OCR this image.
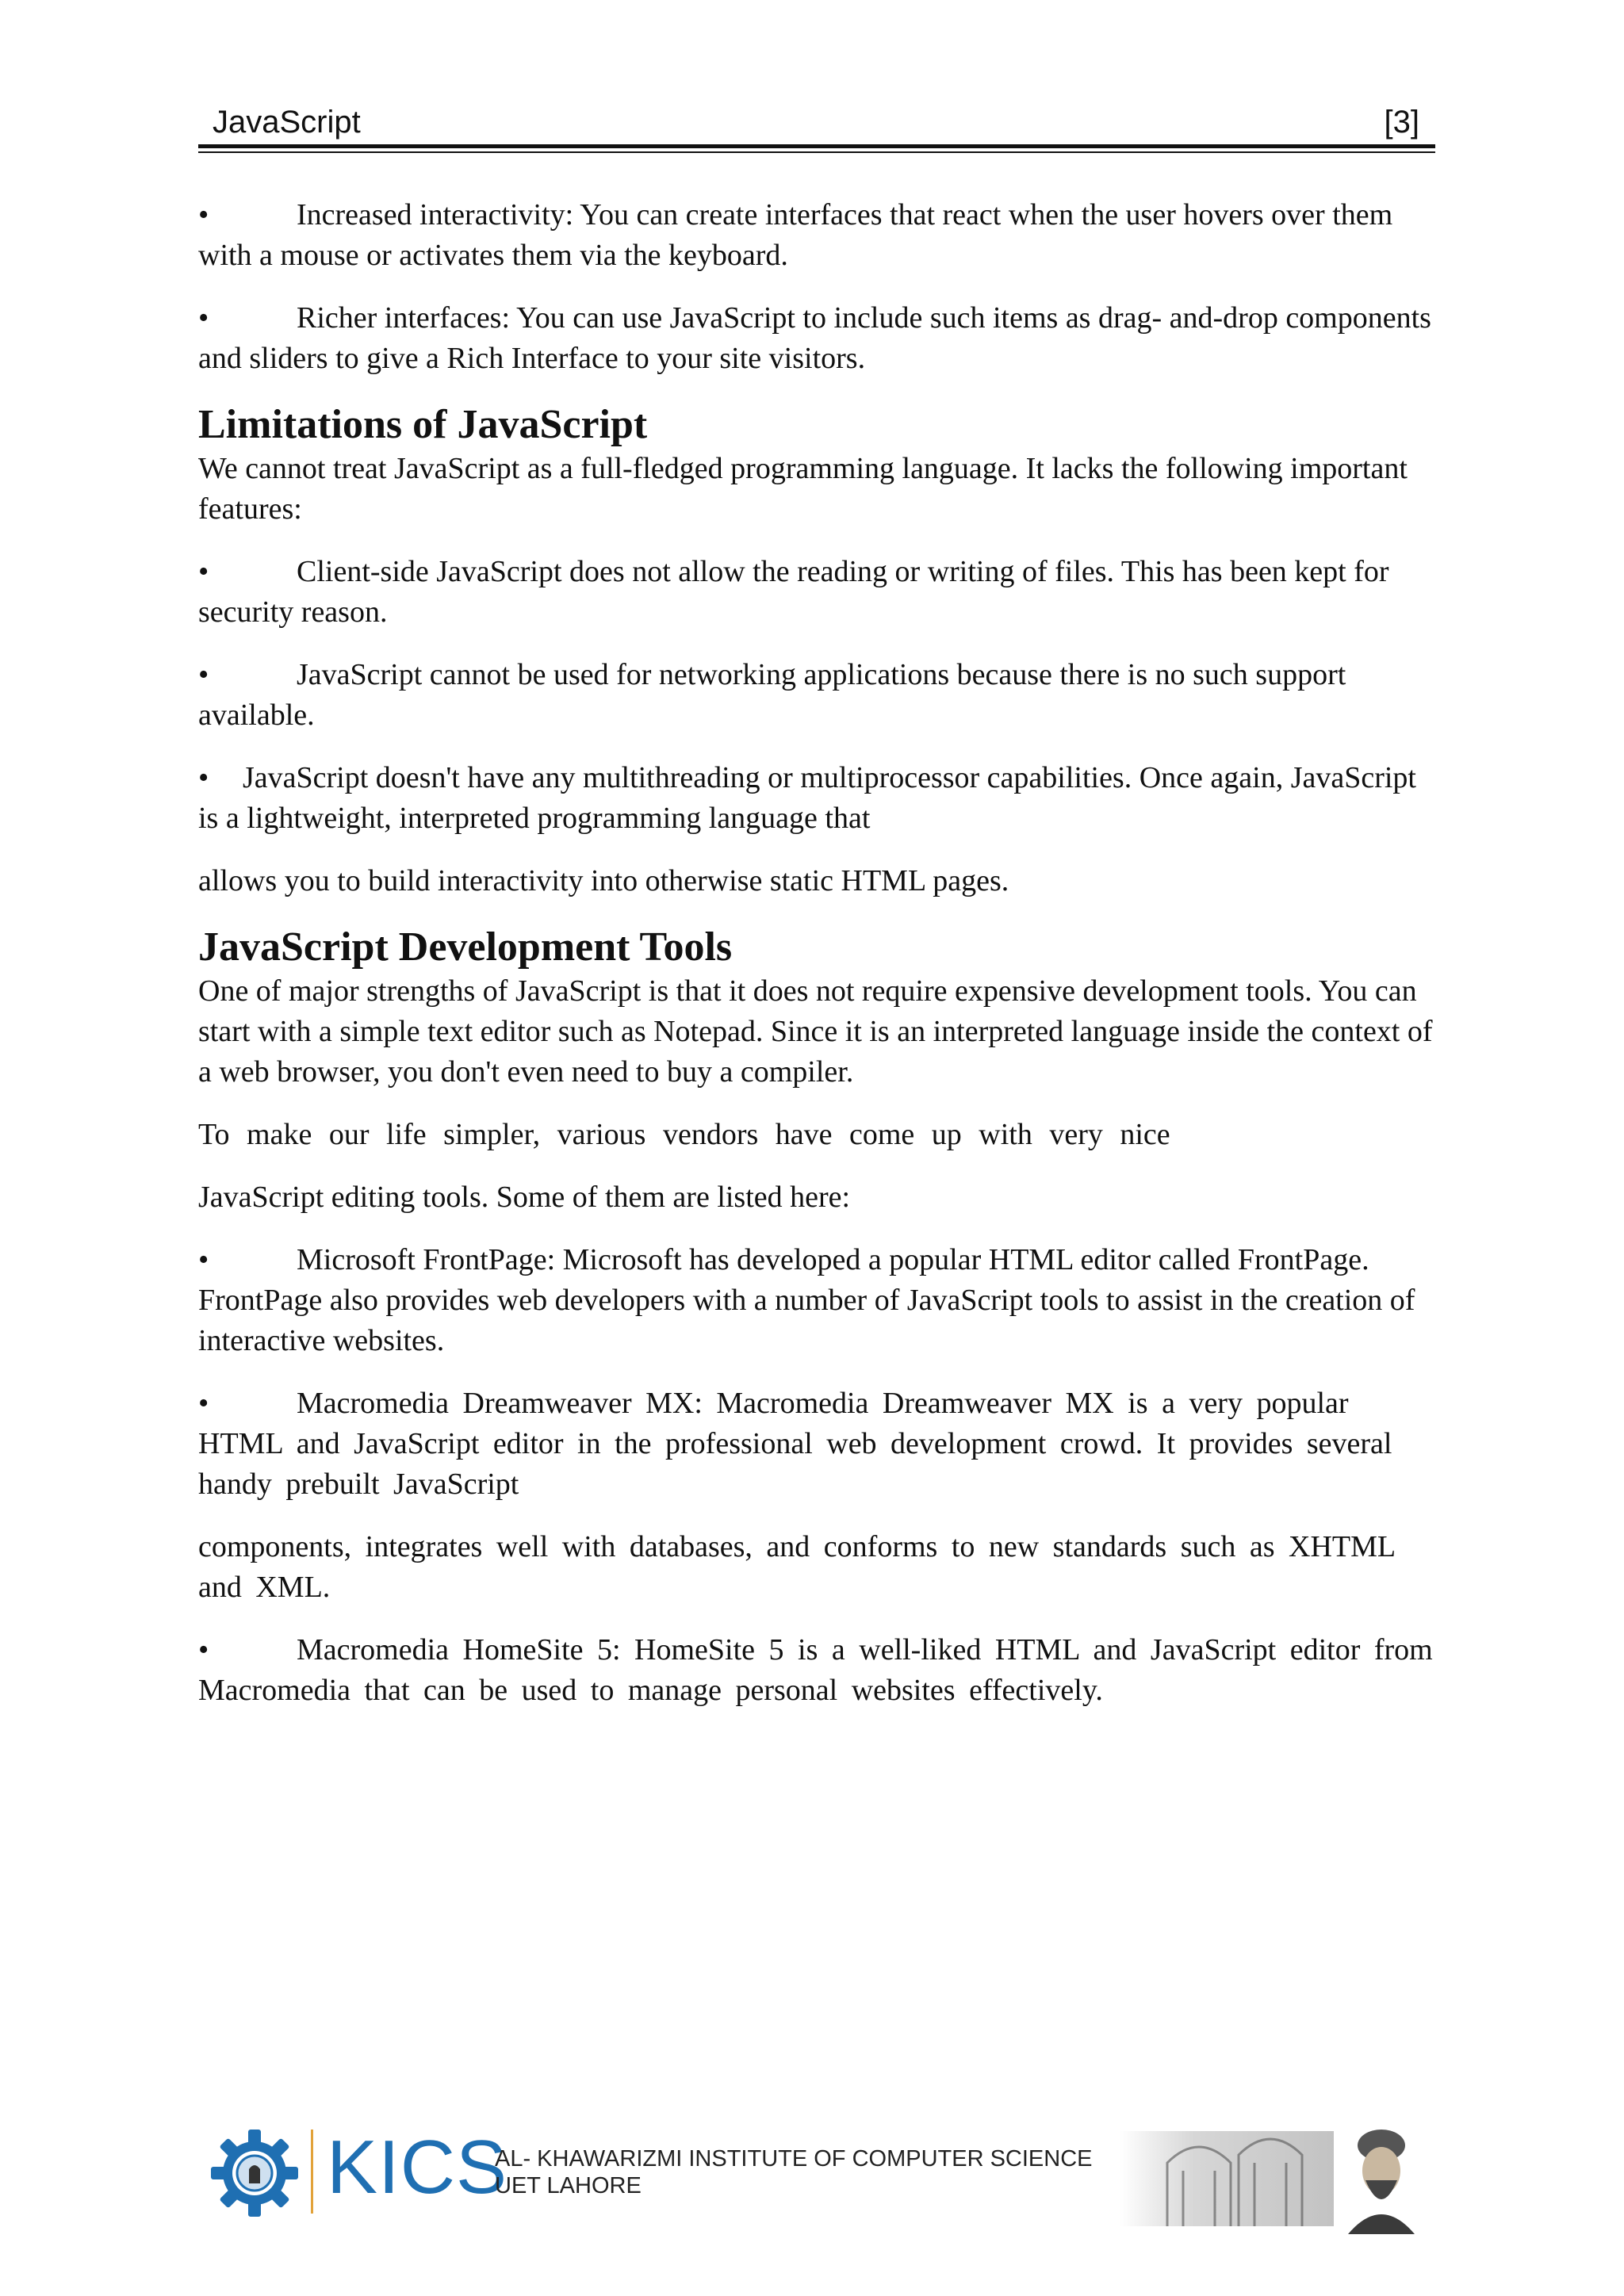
JavaScript	[3]

•	Increased interactivity: You can create interfaces that react when the user hovers over them with a mouse or activates them via the keyboard.

•	Richer interfaces: You can use JavaScript to include such items as drag- and-drop components and sliders to give a Rich Interface to your site visitors.

Limitations of JavaScript

We cannot treat JavaScript as a full-fledged programming language. It lacks the following important features:

•	Client-side JavaScript does not allow the reading or writing of files. This has been kept for security reason.

•	JavaScript cannot be used for networking applications because there is no such support available.

• JavaScript doesn't have any multithreading or multiprocessor capabilities. Once again, JavaScript is a lightweight, interpreted programming language that

allows you to build interactivity into otherwise static HTML pages.

JavaScript Development Tools

One of major strengths of JavaScript is that it does not require expensive development tools. You can start with a simple text editor such as Notepad. Since it is an interpreted language inside the context of a web browser, you don't even need to buy a compiler.

To make our life simpler, various vendors have come up with very nice

JavaScript editing tools. Some of them are listed here:

•	Microsoft FrontPage: Microsoft has developed a popular HTML editor called FrontPage. FrontPage also provides web developers with a number of JavaScript tools to assist in the creation of interactive websites.

•	Macromedia Dreamweaver MX: Macromedia Dreamweaver MX is a very popular HTML and JavaScript editor in the professional web development crowd. It provides several handy prebuilt JavaScript

components, integrates well with databases, and conforms to new standards such as XHTML and XML.

•	Macromedia HomeSite 5: HomeSite 5 is a well-liked HTML and JavaScript editor from Macromedia that can be used to manage personal websites effectively.

KICS
AL- KHAWARIZMI INSTITUTE OF COMPUTER SCIENCE
UET LAHORE
